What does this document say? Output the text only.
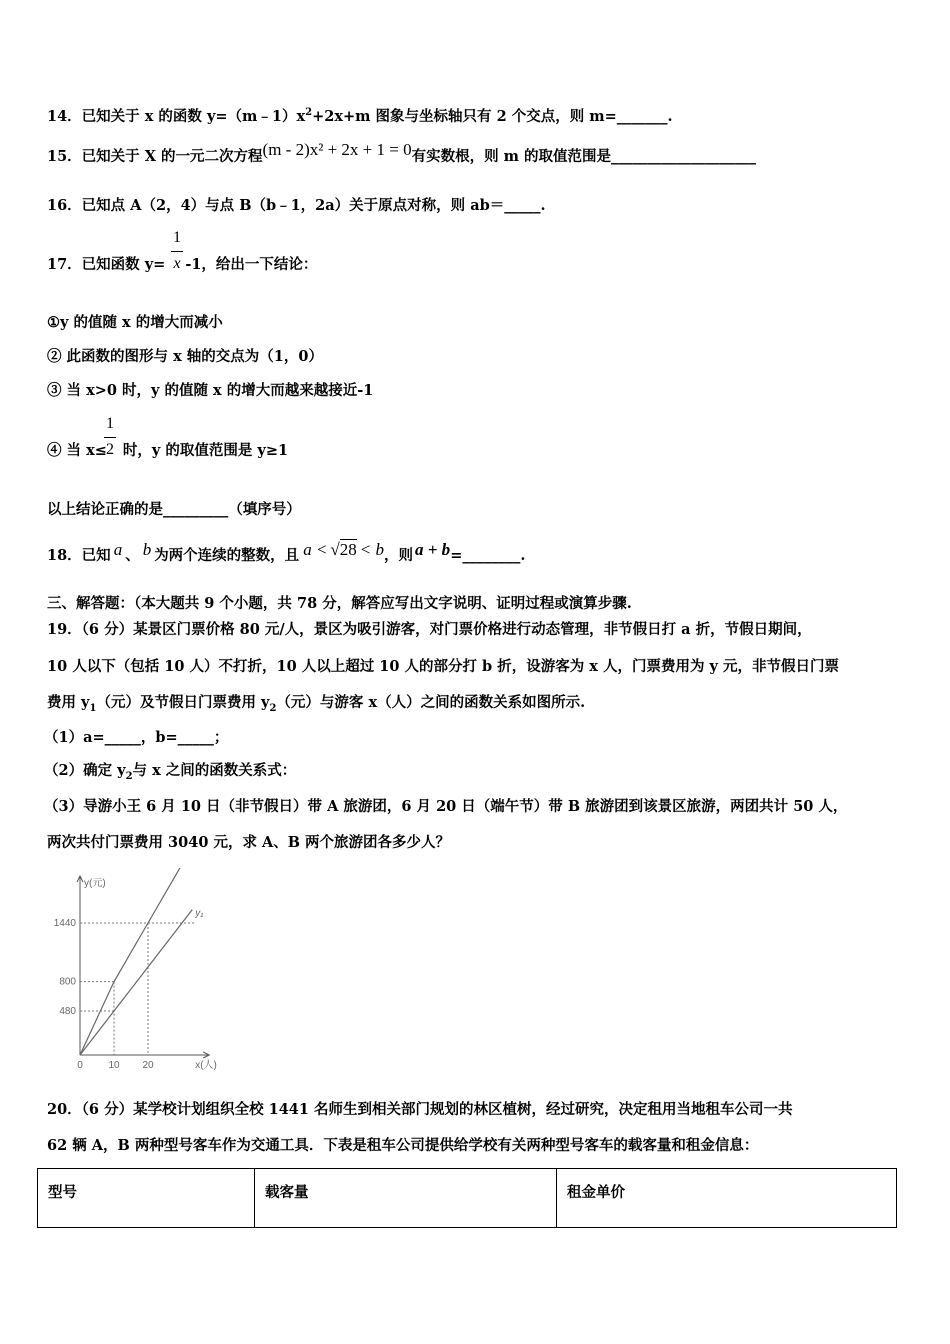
14．已知关于 x 的函数 $y=(m﹣1)x^2+2x+m$ 图象与坐标轴只有 2 个交点，则 m=_______.
15．已知关于 X 的一元二次方程(m - 2)x² + 2x + 1 = 0有实数根，则 m 的取值范围是____________________
16．已知点 A（2，4）与点 B（b﹣1，2a）关于原点对称，则 ab＝_____.
17．已知函数 y= -1，给出一下结论：
1
x
①y 的值随 x 的增大而减小
② 此函数的图形与 x 轴的交点为（1，0）
③ 当 x>0 时，y 的值随 x 的增大而越来越接近-1
④ 当 x≤ 时，y 的取值范围是 y≥1
1
2
以上结论正确的是_________（填序号）
18．已知 a 、 b 为两个连续的整数，且 a < √28 < b，则 a + b=________.
三、解答题：（本大题共 9 个小题，共 78 分，解答应写出文字说明、证明过程或演算步骤.
19．（6 分）某景区门票价格 80 元/人，景区为吸引游客，对门票价格进行动态管理，非节假日打 a 折，节假日期间，
10 人以下（包括 10 人）不打折，10 人以上超过 10 人的部分打 b 折，设游客为 x 人，门票费用为 y 元，非节假日门票
费用 $y_1$（元）及节假日门票费用 $y_2$（元）与游客 x（人）之间的函数关系如图所示.
（1）a=_____，b=_____；
（2）确定 $y_2$与 x 之间的函数关系式：
（3）导游小王 6 月 10 日（非节假日）带 A 旅游团，6 月 20 日（端午节）带 B 旅游团到该景区旅游，两团共计 50 人，
两次共付门票费用 3040 元，求 A、B 两个旅游团各多少人？
y₁
480
800
1440
10 20
0
y(元)
x(人)
20．（6 分）某学校计划组织全校 1441 名师生到相关部门规划的林区植树，经过研究，决定租用当地租车公司一共
62 辆 A，B 两种型号客车作为交通工具．下表是租车公司提供给学校有关两种型号客车的载客量和租金信息：
型号	载客量	租金单价
